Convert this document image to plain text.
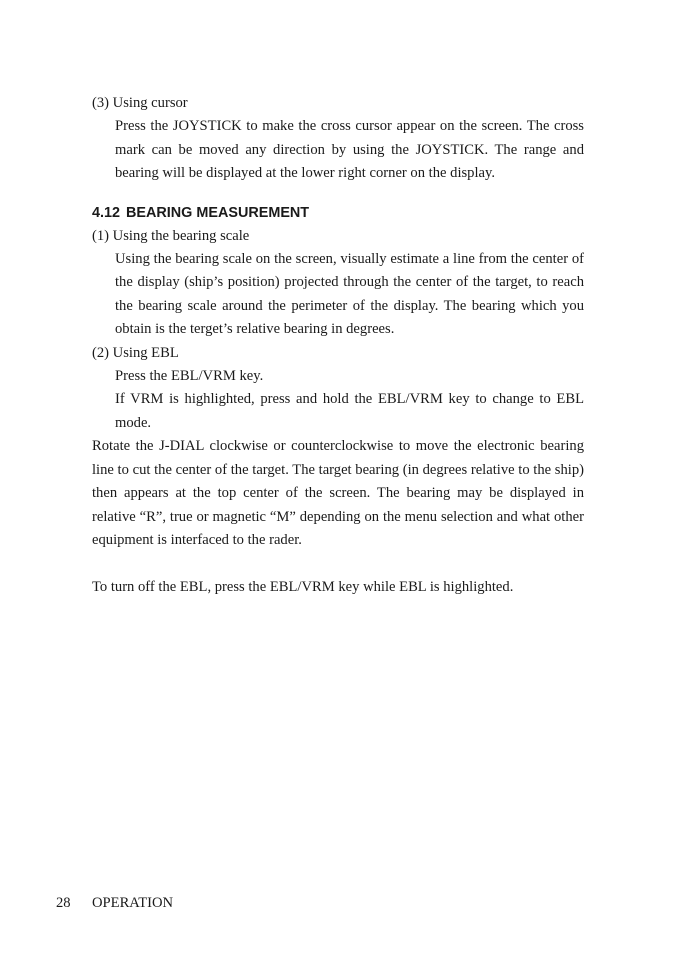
(3) Using cursor

Press the JOYSTICK to make the cross cursor appear on the screen. The cross mark can be moved any direction by using the JOYSTICK. The range and bearing will be displayed at the lower right corner on the display.

4.12 BEARING MEASUREMENT

(1) Using the bearing scale

Using the bearing scale on the screen, visually estimate a line from the center of the display (ship’s position) projected through the center of the target, to reach the bearing scale around the perimeter of the display. The bearing which you obtain is the terget’s relative bearing in degrees.

(2) Using EBL

Press the EBL/VRM key.

If VRM is highlighted, press and hold the EBL/VRM key to change to EBL mode.

Rotate the J-DIAL clockwise or counterclockwise to move the electronic bearing line to cut the center of the target. The target bearing (in degrees relative to the ship) then appears at the top center of the screen. The bearing may be displayed in relative “R”, true or magnetic “M” depending on the menu selection and what other equipment is interfaced to the rader.

To turn off the EBL, press the EBL/VRM key while EBL is highlighted.

28 OPERATION
